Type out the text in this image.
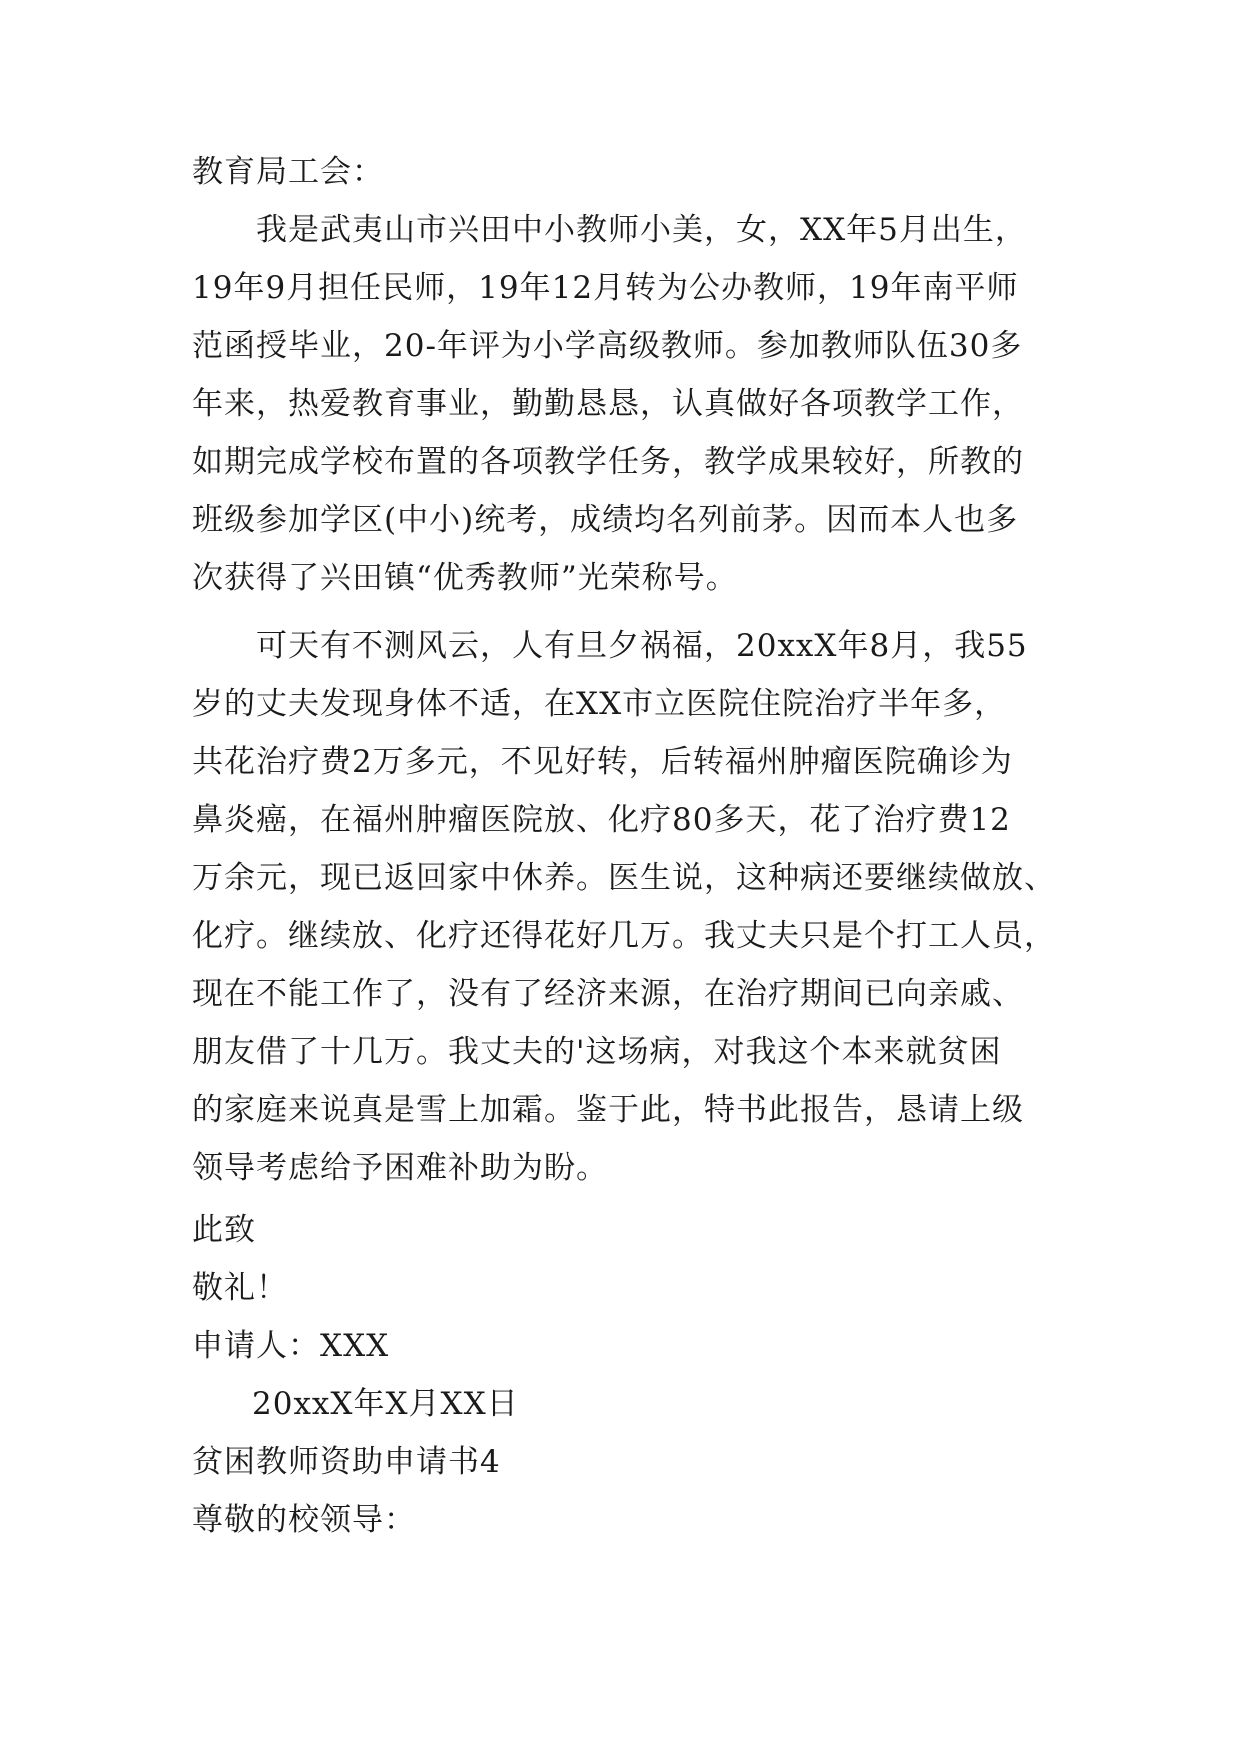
教育局工会：
我是武夷山市兴田中小教师小美，女，XX年5月出生，
19年9月担任民师，19年12月转为公办教师，19年南平师
范函授毕业，20-年评为小学高级教师。参加教师队伍30多
年来，热爱教育事业，勤勤恳恳，认真做好各项教学工作，
如期完成学校布置的各项教学任务，教学成果较好，所教的
班级参加学区(中小)统考，成绩均名列前茅。因而本人也多
次获得了兴田镇“优秀教师”光荣称号。
可天有不测风云，人有旦夕祸福，20xxX年8月，我55
岁的丈夫发现身体不适，在XX市立医院住院治疗半年多，
共花治疗费2万多元，不见好转，后转福州肿瘤医院确诊为
鼻炎癌，在福州肿瘤医院放、化疗80多天，花了治疗费12
万余元，现已返回家中休养。医生说，这种病还要继续做放、
化疗。继续放、化疗还得花好几万。我丈夫只是个打工人员，
现在不能工作了，没有了经济来源，在治疗期间已向亲戚、
朋友借了十几万。我丈夫的'这场病，对我这个本来就贫困
的家庭来说真是雪上加霜。鉴于此，特书此报告，恳请上级
领导考虑给予困难补助为盼。
此致
敬礼！
申请人：XXX
20xxX年X月XX日
贫困教师资助申请书4
尊敬的校领导：
